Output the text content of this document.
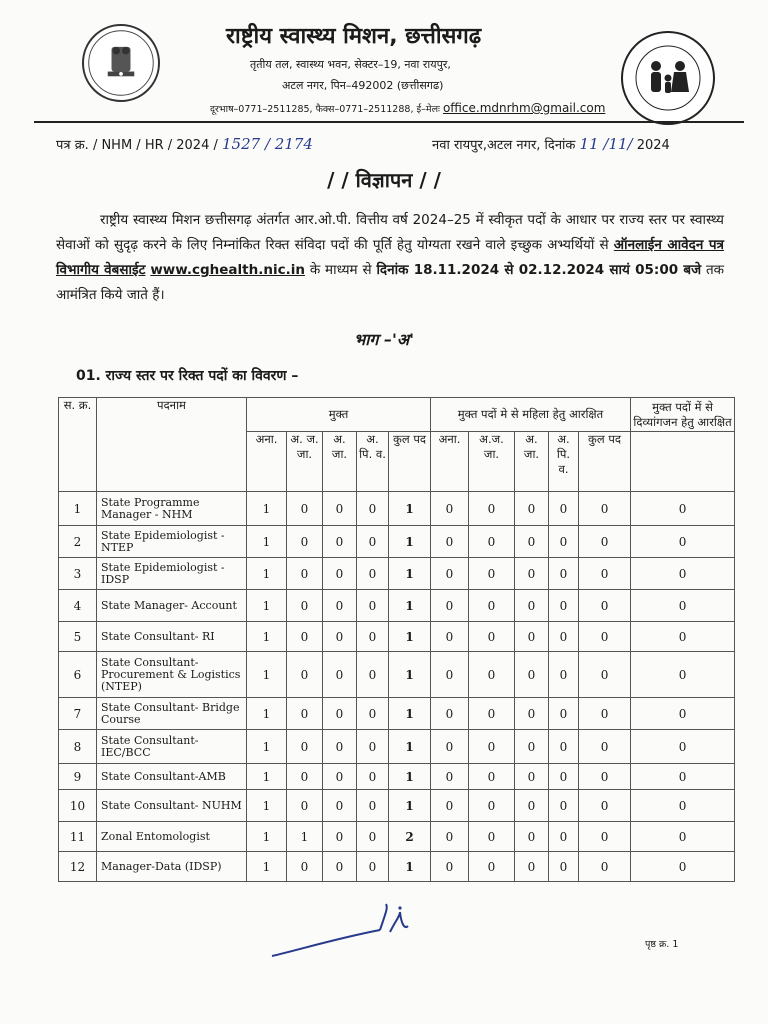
राष्ट्रीय स्वास्थ्य मिशन, छत्तीसगढ़
तृतीय तल, स्वास्थ्य भवन, सेक्टर–19, नवा रायपुर,
अटल नगर, पिन–492002 (छत्तीसगढ)
दूरभाष–0771–2511285, फैक्स–0771–2511288, ई–मेलः office.mdnrhm@gmail.com
पत्र क्र. / NHM / HR / 2024 / 1527 / 2174	नवा रायपुर,अटल नगर, दिनांक 11 /11/ 2024
/ / विज्ञापन / /
राष्ट्रीय स्वास्थ्य मिशन छत्तीसगढ़ अंतर्गत आर.ओ.पी. वित्तीय वर्ष 2024–25 में स्वीकृत पदों के आधार पर राज्य स्तर पर स्वास्थ्य सेवाओं को सुदृढ़ करने के लिए निम्नांकित रिक्त संविदा पदों की पूर्ति हेतु योग्यता रखने वाले इच्छुक अभ्यर्थियों से ऑनलाईन आवेदन पत्र विभागीय वेबसाईट www.cghealth.nic.in के माध्यम से दिनांक 18.11.2024 से 02.12.2024 सायं 05:00 बजे तक आमंत्रित किये जाते हैं।
भाग –'अ'
01. राज्य स्तर पर रिक्त पदों का विवरण –
स. क्र.	पदनाम	मुक्त					मुक्त पदों मे से महिला हेतु आरक्षित					मुक्त पदों में से दिव्यांगजन हेतु आरक्षित
		अना.	अ. ज. जा.	अ. जा.	अ. पि. व.	कुल पद	अना.	अ.ज. जा.	अ. जा.	अ. पि. व.	कुल पद	
1	State Programme Manager - NHM	1	0	0	0	1	0	0	0	0	0	0
2	State Epidemiologist - NTEP	1	0	0	0	1	0	0	0	0	0	0
3	State Epidemiologist - IDSP	1	0	0	0	1	0	0	0	0	0	0
4	State Manager- Account	1	0	0	0	1	0	0	0	0	0	0
5	State Consultant- RI	1	0	0	0	1	0	0	0	0	0	0
6	State Consultant- Procurement & Logistics (NTEP)	1	0	0	0	1	0	0	0	0	0	0
7	State Consultant- Bridge Course	1	0	0	0	1	0	0	0	0	0	0
8	State Consultant- IEC/BCC	1	0	0	0	1	0	0	0	0	0	0
9	State Consultant-AMB	1	0	0	0	1	0	0	0	0	0	0
10	State Consultant- NUHM	1	0	0	0	1	0	0	0	0	0	0
11	Zonal Entomologist	1	1	0	0	2	0	0	0	0	0	0
12	Manager-Data (IDSP)	1	0	0	0	1	0	0	0	0	0	0
पृष्ठ क्र. 1
